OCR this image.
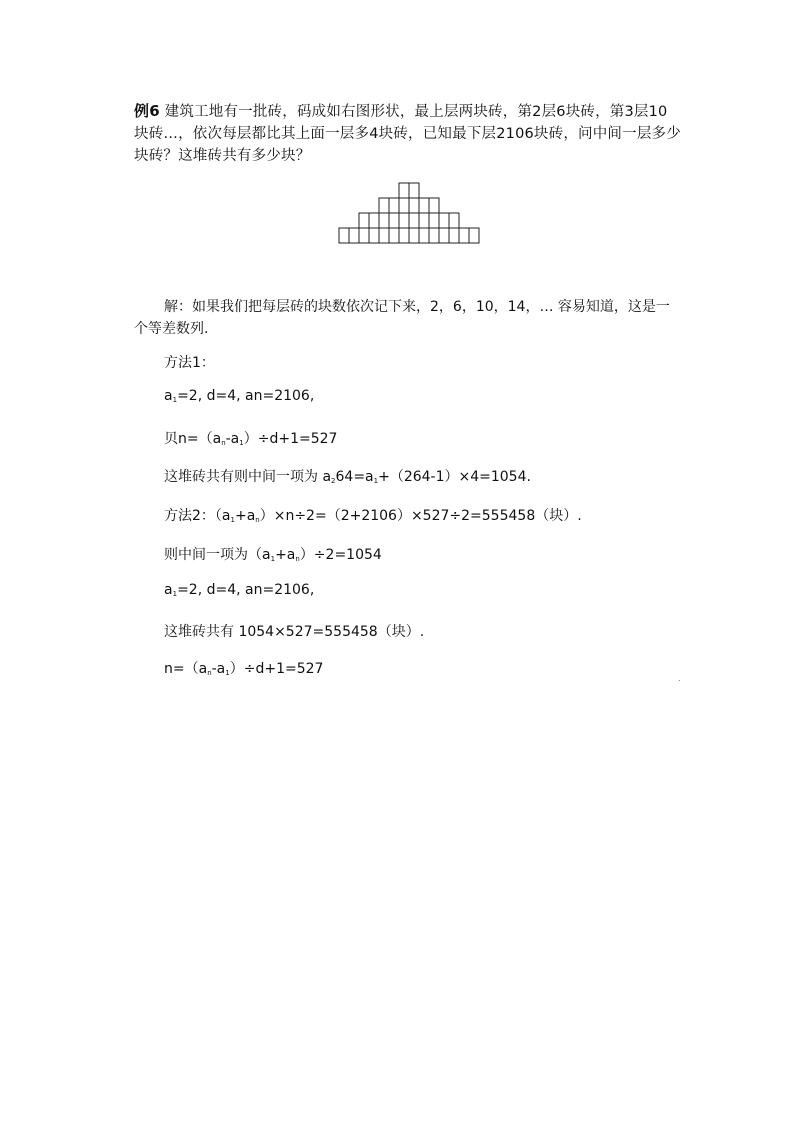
例6 建筑工地有一批砖，码成如右图形状，最上层两块砖，第2层6块砖，第3层10块砖…，依次每层都比其上面一层多4块砖，已知最下层2106块砖，问中间一层多少块砖？这堆砖共有多少块？
解：如果我们把每层砖的块数依次记下来，2，6，10，14，… 容易知道，这是一个等差数列.
方法1：
$a_1=2$, d=4, an=2106,
贝$n=(a_n-a_1)\div d+1=527$
这堆砖共有则中间一项为 $a_264=a_1+(264-1)\times 4=1054$.
方法2：$(a_1+a_n)\times n\div 2=(2+2106)\times 527\div 2=555458$（块）.
则中间一项为$(a_1+a_n)\div 2=1054$
$a_1=2$, d=4, an=2106,
这堆砖共有 1054×527=555458（块）.
$n=(a_n-a_1)\div d+1=527$
.
